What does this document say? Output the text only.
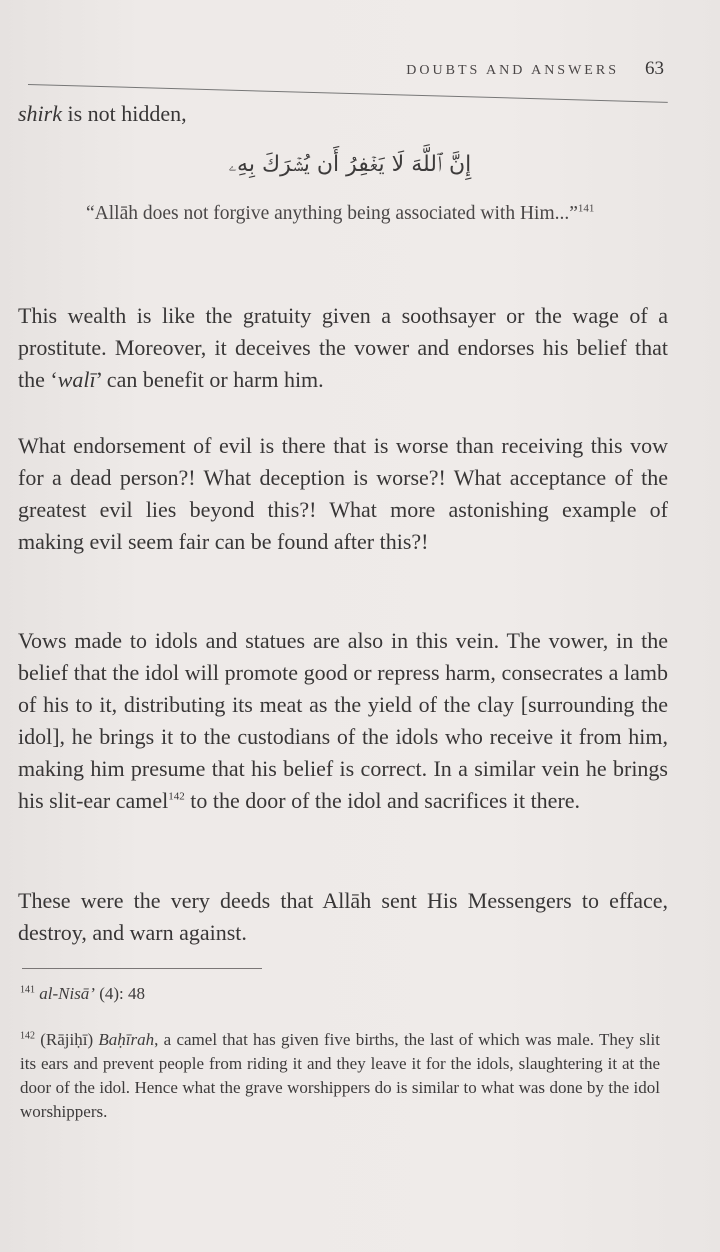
DOUBTS AND ANSWERS 63
shirk is not hidden,
إِنَّ ٱللَّهَ لَا يَغۡفِرُ أَن يُشۡرَكَ بِهِۦ
“Allāh does not forgive anything being associated with Him...”$^{141}$
This wealth is like the gratuity given a soothsayer or the wage of a prostitute. Moreover, it deceives the vower and endorses his belief that the ‘walī’ can benefit or harm him.
What endorsement of evil is there that is worse than receiving this vow for a dead person?! What deception is worse?! What acceptance of the greatest evil lies beyond this?! What more astonishing example of making evil seem fair can be found after this?!
Vows made to idols and statues are also in this vein. The vower, in the belief that the idol will promote good or repress harm, consecrates a lamb of his to it, distributing its meat as the yield of the clay [surrounding the idol], he brings it to the custodians of the idols who receive it from him, making him presume that his belief is correct. In a similar vein he brings his slit-ear camel$^{142}$ to the door of the idol and sacrifices it there.
These were the very deeds that Allāh sent His Messengers to efface, destroy, and warn against.
$^{141}$ al-Nisā’ (4): 48
$^{142}$ (Rājiḥī) Baḥīrah, a camel that has given five births, the last of which was male. They slit its ears and prevent people from riding it and they leave it for the idols, slaughtering it at the door of the idol. Hence what the grave worshippers do is similar to what was done by the idol worshippers.
